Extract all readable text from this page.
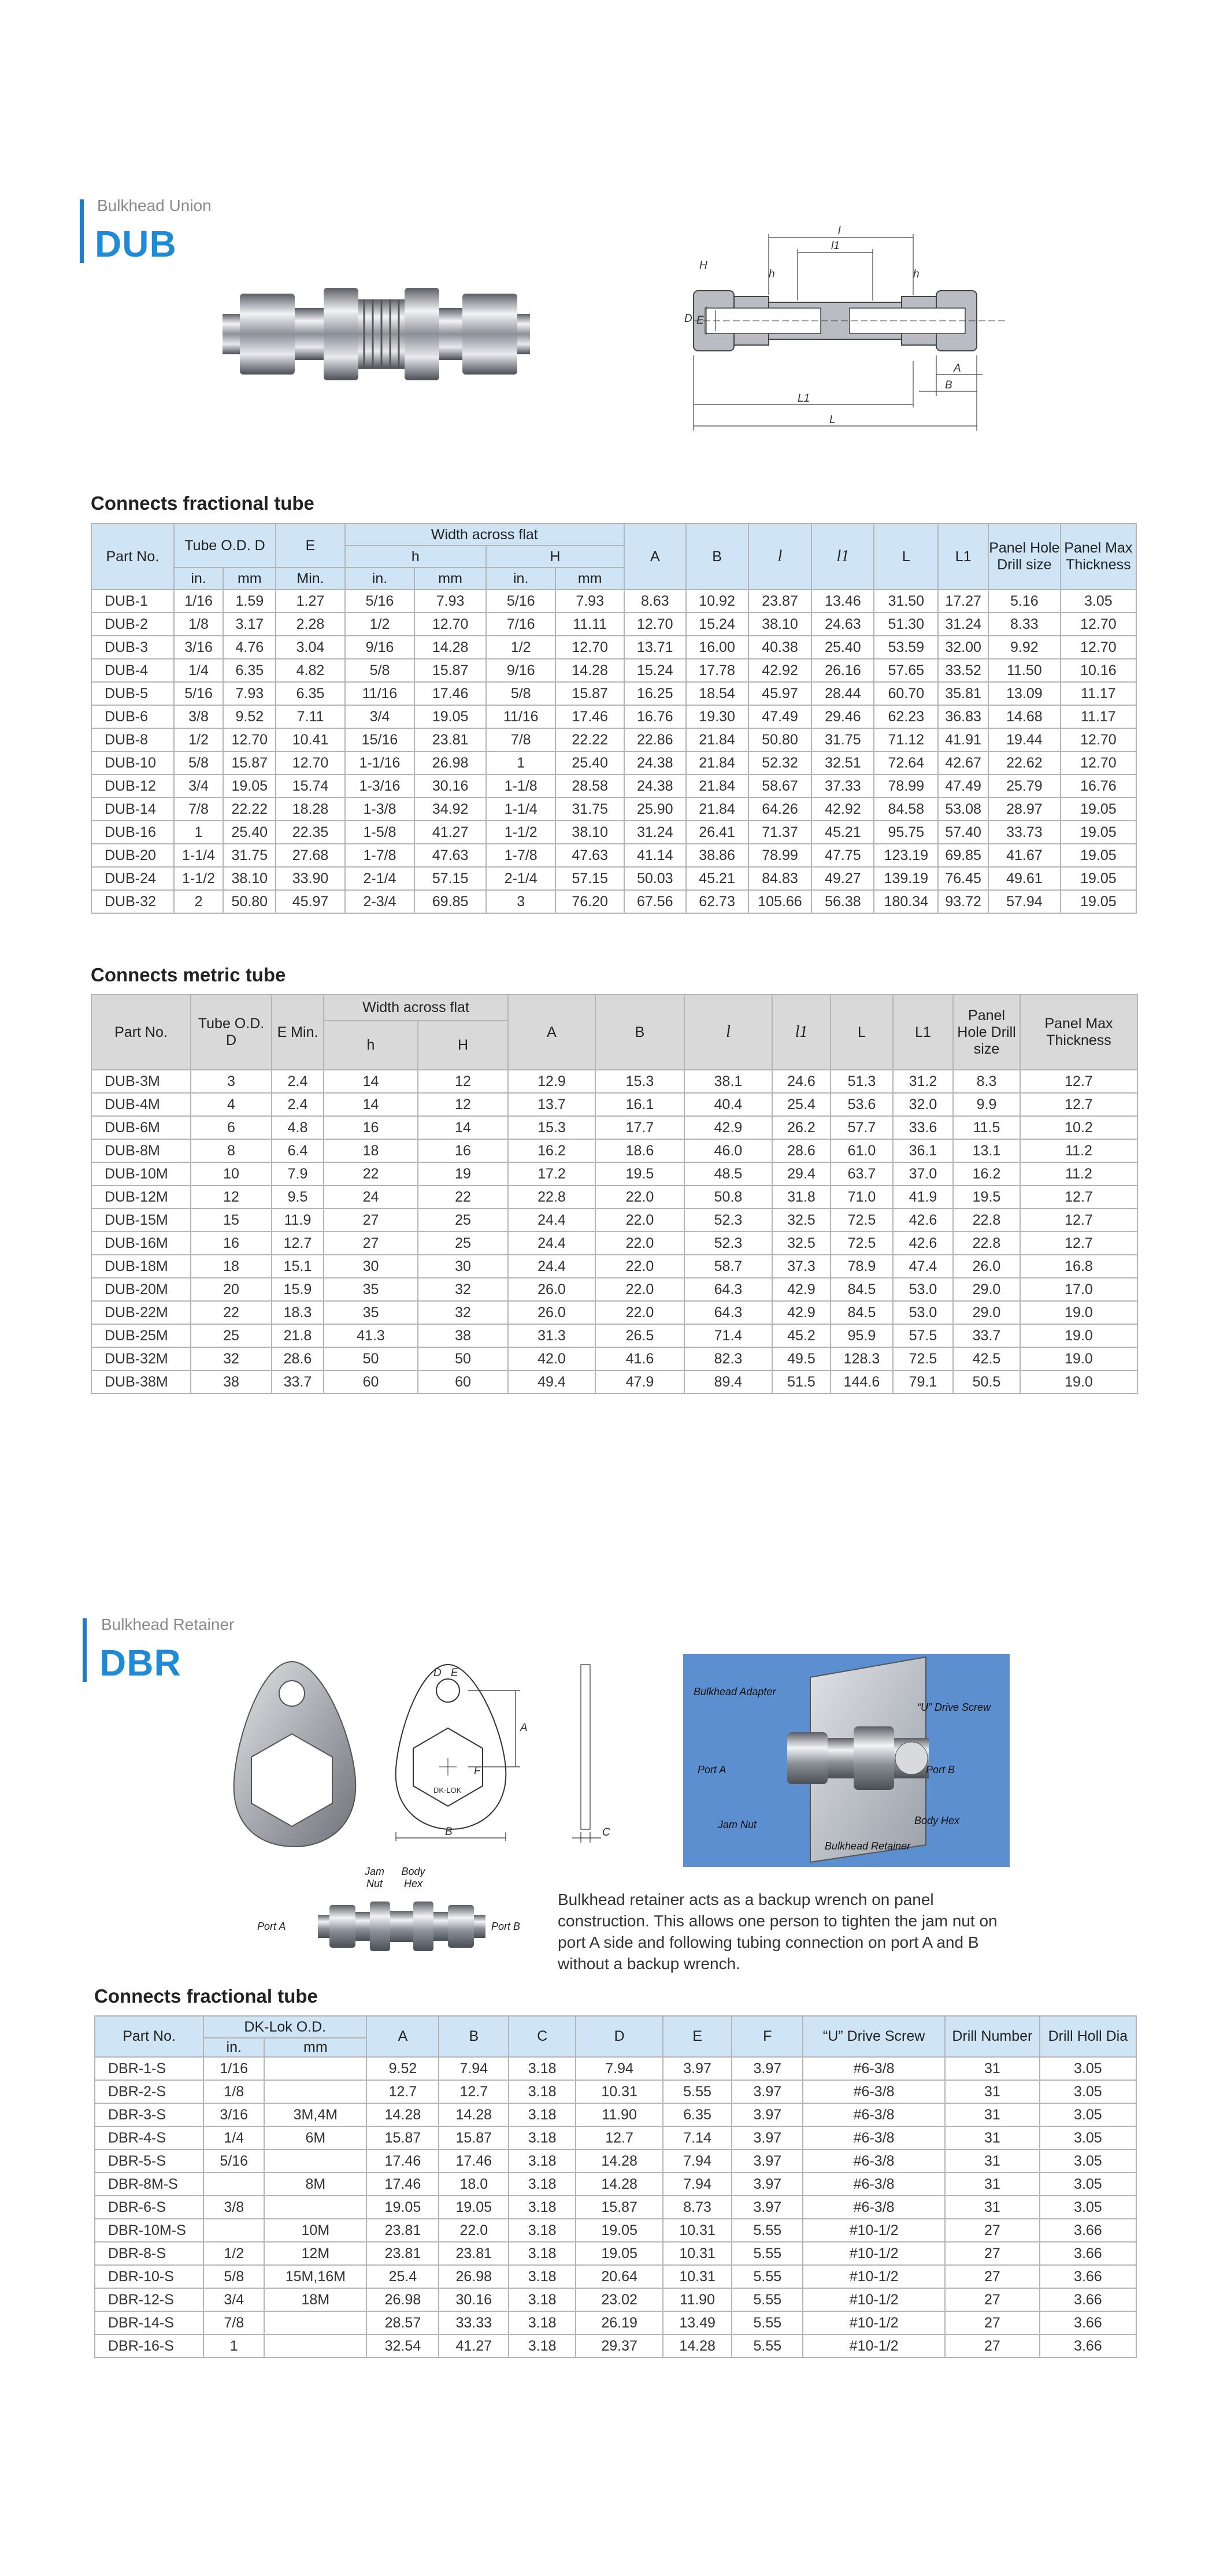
Bulkhead Union
DUB
H
h	h
l
l1
D E
A
B
L1
L
Connects fractional tube
Part No.	Tube O.D. D		E	Width across flat				A	B	l	l1	L	L1	Panel Hole Drill size	Panel Max Thickness
				h		H									
	in.	mm	Min.	in.	mm	in.	mm								
DUB-1	1/16	1.59	1.27	5/16	7.93	5/16	7.93	8.63	10.92	23.87	13.46	31.50	17.27	5.16	3.05
DUB-2	1/8	3.17	2.28	1/2	12.70	7/16	11.11	12.70	15.24	38.10	24.63	51.30	31.24	8.33	12.70
DUB-3	3/16	4.76	3.04	9/16	14.28	1/2	12.70	13.71	16.00	40.38	25.40	53.59	32.00	9.92	12.70
DUB-4	1/4	6.35	4.82	5/8	15.87	9/16	14.28	15.24	17.78	42.92	26.16	57.65	33.52	11.50	10.16
DUB-5	5/16	7.93	6.35	11/16	17.46	5/8	15.87	16.25	18.54	45.97	28.44	60.70	35.81	13.09	11.17
DUB-6	3/8	9.52	7.11	3/4	19.05	11/16	17.46	16.76	19.30	47.49	29.46	62.23	36.83	14.68	11.17
DUB-8	1/2	12.70	10.41	15/16	23.81	7/8	22.22	22.86	21.84	50.80	31.75	71.12	41.91	19.44	12.70
DUB-10	5/8	15.87	12.70	1-1/16	26.98	1	25.40	24.38	21.84	52.32	32.51	72.64	42.67	22.62	12.70
DUB-12	3/4	19.05	15.74	1-3/16	30.16	1-1/8	28.58	24.38	21.84	58.67	37.33	78.99	47.49	25.79	16.76
DUB-14	7/8	22.22	18.28	1-3/8	34.92	1-1/4	31.75	25.90	21.84	64.26	42.92	84.58	53.08	28.97	19.05
DUB-16	1	25.40	22.35	1-5/8	41.27	1-1/2	38.10	31.24	26.41	71.37	45.21	95.75	57.40	33.73	19.05
DUB-20	1-1/4	31.75	27.68	1-7/8	47.63	1-7/8	47.63	41.14	38.86	78.99	47.75	123.19	69.85	41.67	19.05
DUB-24	1-1/2	38.10	33.90	2-1/4	57.15	2-1/4	57.15	50.03	45.21	84.83	49.27	139.19	76.45	49.61	19.05
DUB-32	2	50.80	45.97	2-3/4	69.85	3	76.20	67.56	62.73	105.66	56.38	180.34	93.72	57.94	19.05
Connects metric tube
Part No.	Tube O.D. D	E Min.	Width across flat		A	B	l	l1	L	L1	Panel Hole Drill size	Panel Max Thickness
			h	H								
DUB-3M	3	2.4	14	12	12.9	15.3	38.1	24.6	51.3	31.2	8.3	12.7
DUB-4M	4	2.4	14	12	13.7	16.1	40.4	25.4	53.6	32.0	9.9	12.7
DUB-6M	6	4.8	16	14	15.3	17.7	42.9	26.2	57.7	33.6	11.5	10.2
DUB-8M	8	6.4	18	16	16.2	18.6	46.0	28.6	61.0	36.1	13.1	11.2
DUB-10M	10	7.9	22	19	17.2	19.5	48.5	29.4	63.7	37.0	16.2	11.2
DUB-12M	12	9.5	24	22	22.8	22.0	50.8	31.8	71.0	41.9	19.5	12.7
DUB-15M	15	11.9	27	25	24.4	22.0	52.3	32.5	72.5	42.6	22.8	12.7
DUB-16M	16	12.7	27	25	24.4	22.0	52.3	32.5	72.5	42.6	22.8	12.7
DUB-18M	18	15.1	30	30	24.4	22.0	58.7	37.3	78.9	47.4	26.0	16.8
DUB-20M	20	15.9	35	32	26.0	22.0	64.3	42.9	84.5	53.0	29.0	17.0
DUB-22M	22	18.3	35	32	26.0	22.0	64.3	42.9	84.5	53.0	29.0	19.0
DUB-25M	25	21.8	41.3	38	31.3	26.5	71.4	45.2	95.9	57.5	33.7	19.0
DUB-32M	32	28.6	50	50	42.0	41.6	82.3	49.5	128.3	72.5	42.5	19.0
DUB-38M	38	33.7	60	60	49.4	47.9	89.4	51.5	144.6	79.1	50.5	19.0
Bulkhead Retainer
DBR
A
B	C
D E
F
DK-LOK
Bulkhead Adapter
“U” Drive Screw
Port A	Port B
Jam Nut	Body Hex
Bulkhead Retainer
Jam Nut
Body Hex
Port A	Port B
Bulkhead retainer acts as a backup wrench on panel construction. This allows one person to tighten the jam nut on port A side and following tubing connection on port A and B without a backup wrench.
Connects fractional tube
Part No.	DK-Lok O.D.		A	B	C	D	E	F	“U” Drive Screw	Drill Number	Drill Holl Dia
	in.	mm									
DBR-1-S	1/16		9.52	7.94	3.18	7.94	3.97	3.97	#6-3/8	31	3.05
DBR-2-S	1/8		12.7	12.7	3.18	10.31	5.55	3.97	#6-3/8	31	3.05
DBR-3-S	3/16	3M,4M	14.28	14.28	3.18	11.90	6.35	3.97	#6-3/8	31	3.05
DBR-4-S	1/4	6M	15.87	15.87	3.18	12.7	7.14	3.97	#6-3/8	31	3.05
DBR-5-S	5/16		17.46	17.46	3.18	14.28	7.94	3.97	#6-3/8	31	3.05
DBR-8M-S		8M	17.46	18.0	3.18	14.28	7.94	3.97	#6-3/8	31	3.05
DBR-6-S	3/8		19.05	19.05	3.18	15.87	8.73	3.97	#6-3/8	31	3.05
DBR-10M-S		10M	23.81	22.0	3.18	19.05	10.31	5.55	#10-1/2	27	3.66
DBR-8-S	1/2	12M	23.81	23.81	3.18	19.05	10.31	5.55	#10-1/2	27	3.66
DBR-10-S	5/8	15M,16M	25.4	26.98	3.18	20.64	10.31	5.55	#10-1/2	27	3.66
DBR-12-S	3/4	18M	26.98	30.16	3.18	23.02	11.90	5.55	#10-1/2	27	3.66
DBR-14-S	7/8		28.57	33.33	3.18	26.19	13.49	5.55	#10-1/2	27	3.66
DBR-16-S	1		32.54	41.27	3.18	29.37	14.28	5.55	#10-1/2	27	3.66
